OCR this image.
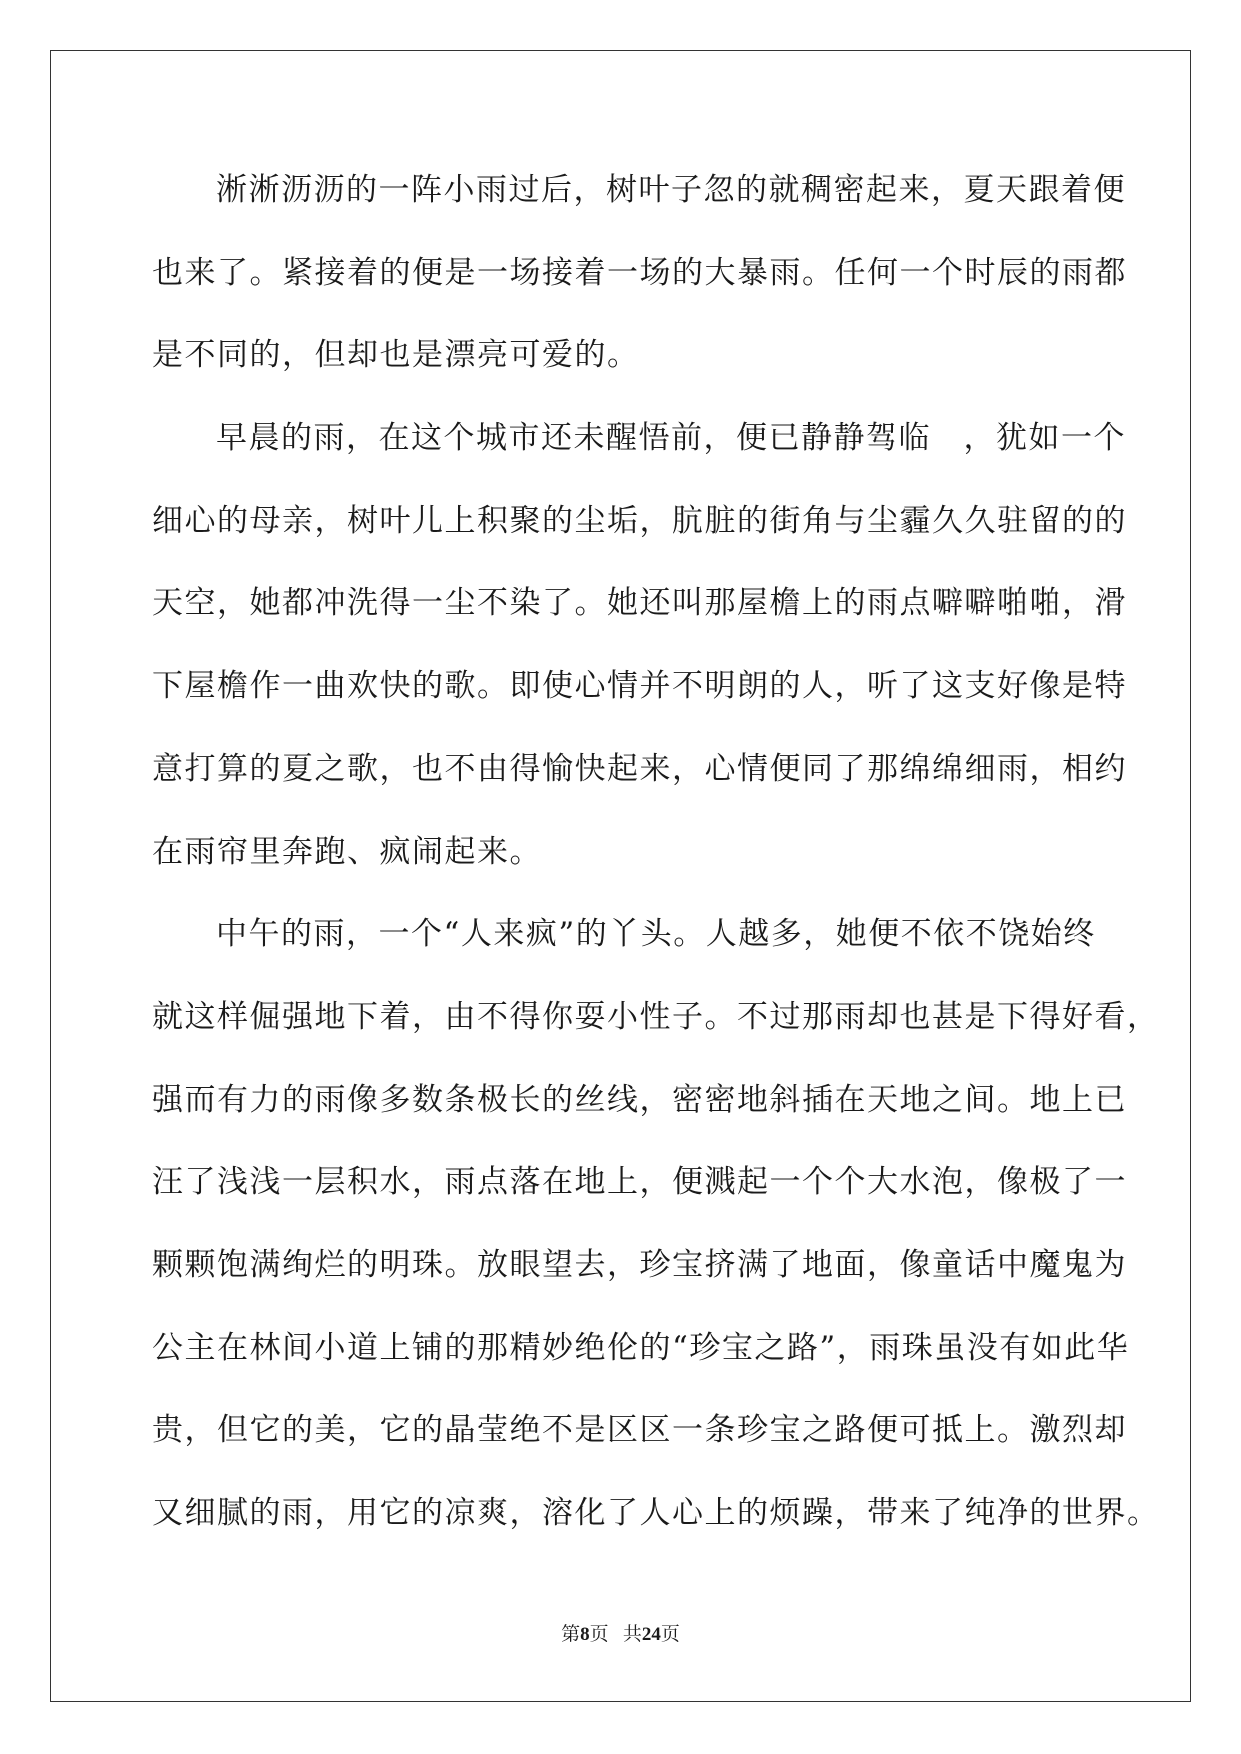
淅淅沥沥的一阵小雨过后，树叶子忽的就稠密起来，夏天跟着便
也来了。紧接着的便是一场接着一场的大暴雨。任何一个时辰的雨都
是不同的，但却也是漂亮可爱的。
早晨的雨，在这个城市还未醒悟前，便已静静驾临　，犹如一个
细心的母亲，树叶儿上积聚的尘垢，肮脏的街角与尘霾久久驻留的的
天空，她都冲洗得一尘不染了。她还叫那屋檐上的雨点噼噼啪啪，滑
下屋檐作一曲欢快的歌。即使心情并不明朗的人，听了这支好像是特
意打算的夏之歌，也不由得愉快起来，心情便同了那绵绵细雨，相约
在雨帘里奔跑、疯闹起来。
中午的雨，一个“人来疯”的丫头。人越多，她便不依不饶始终
就这样倔强地下着，由不得你耍小性子。不过那雨却也甚是下得好看，
强而有力的雨像多数条极长的丝线，密密地斜插在天地之间。地上已
汪了浅浅一层积水，雨点落在地上，便溅起一个个大水泡，像极了一
颗颗饱满绚烂的明珠。放眼望去，珍宝挤满了地面，像童话中魔鬼为
公主在林间小道上铺的那精妙绝伦的“珍宝之路”，雨珠虽没有如此华
贵，但它的美，它的晶莹绝不是区区一条珍宝之路便可抵上。激烈却
又细腻的雨，用它的凉爽，溶化了人心上的烦躁，带来了纯净的世界。
第8页 共24页
